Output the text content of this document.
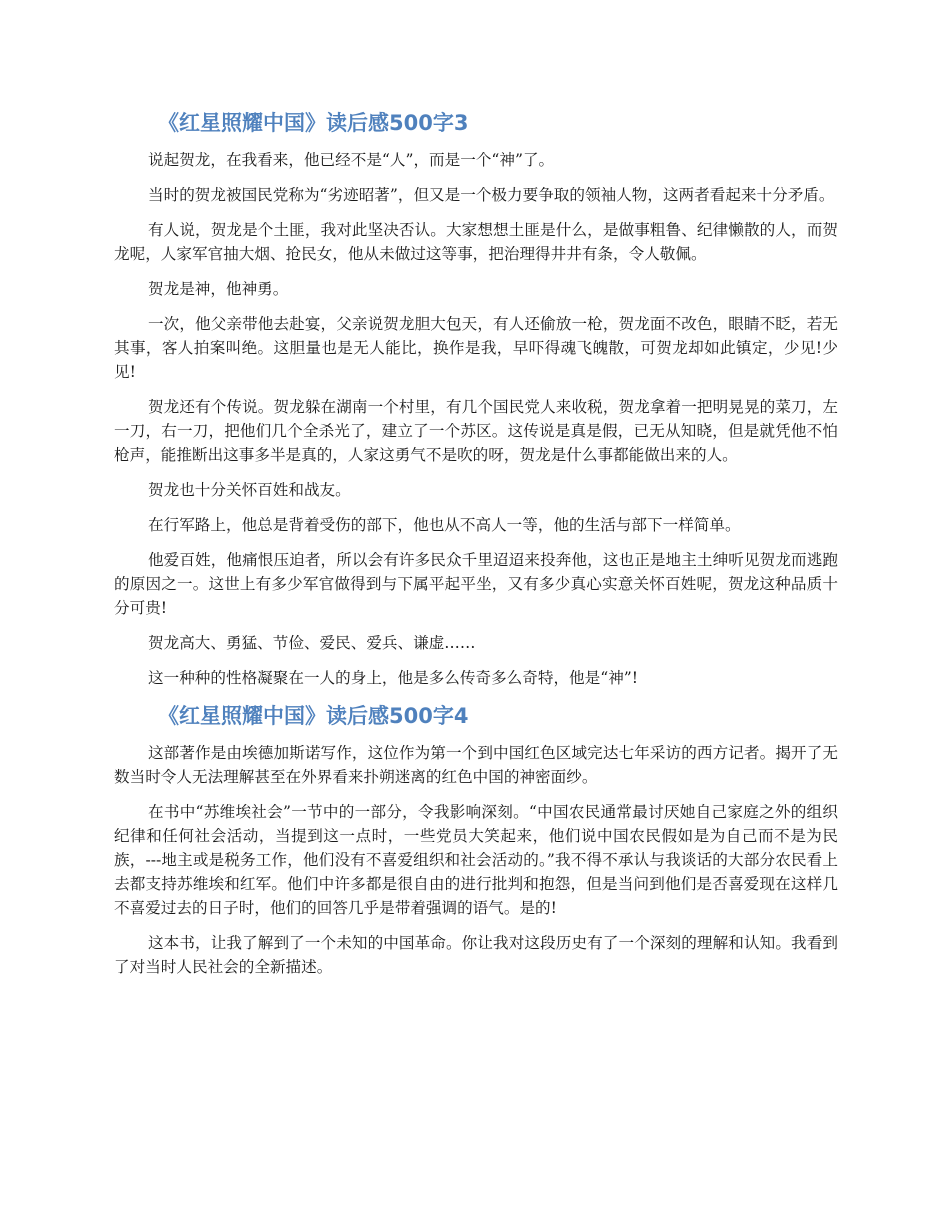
《红星照耀中国》读后感500字3

说起贺龙，在我看来，他已经不是“人”，而是一个“神”了。

当时的贺龙被国民党称为“劣迹昭著”，但又是一个极力要争取的领袖人物，这两者看起来十分矛盾。

有人说，贺龙是个土匪，我对此坚决否认。大家想想土匪是什么，是做事粗鲁、纪律懒散的人，而贺龙呢，人家军官抽大烟、抢民女，他从未做过这等事，把治理得井井有条，令人敬佩。

贺龙是神，他神勇。

一次，他父亲带他去赴宴，父亲说贺龙胆大包天，有人还偷放一枪，贺龙面不改色，眼睛不眨，若无其事，客人拍案叫绝。这胆量也是无人能比，换作是我，早吓得魂飞魄散，可贺龙却如此镇定，少见!少见!

贺龙还有个传说。贺龙躲在湖南一个村里，有几个国民党人来收税，贺龙拿着一把明晃晃的菜刀，左一刀，右一刀，把他们几个全杀光了，建立了一个苏区。这传说是真是假，已无从知晓，但是就凭他不怕枪声，能推断出这事多半是真的，人家这勇气不是吹的呀，贺龙是什么事都能做出来的人。

贺龙也十分关怀百姓和战友。

在行军路上，他总是背着受伤的部下，他也从不高人一等，他的生活与部下一样简单。

他爱百姓，他痛恨压迫者，所以会有许多民众千里迢迢来投奔他，这也正是地主土绅听见贺龙而逃跑的原因之一。这世上有多少军官做得到与下属平起平坐，又有多少真心实意关怀百姓呢，贺龙这种品质十分可贵!

贺龙高大、勇猛、节俭、爱民、爱兵、谦虚……

这一种种的性格凝聚在一人的身上，他是多么传奇多么奇特，他是“神”!

《红星照耀中国》读后感500字4

这部著作是由埃德加斯诺写作，这位作为第一个到中国红色区域完达七年采访的西方记者。揭开了无数当时令人无法理解甚至在外界看来扑朔迷离的红色中国的神密面纱。

在书中“苏维埃社会”一节中的一部分，令我影响深刻。“中国农民通常最讨厌她自己家庭之外的组织纪律和任何社会活动，当提到这一点时，一些党员大笑起来，他们说中国农民假如是为自己而不是为民族，---地主或是税务工作，他们没有不喜爱组织和社会活动的。”我不得不承认与我谈话的大部分农民看上去都支持苏维埃和红军。他们中许多都是很自由的进行批判和抱怨，但是当问到他们是否喜爱现在这样几不喜爱过去的日子时，他们的回答几乎是带着强调的语气。是的!

这本书，让我了解到了一个未知的中国革命。你让我对这段历史有了一个深刻的理解和认知。我看到了对当时人民社会的全新描述。
